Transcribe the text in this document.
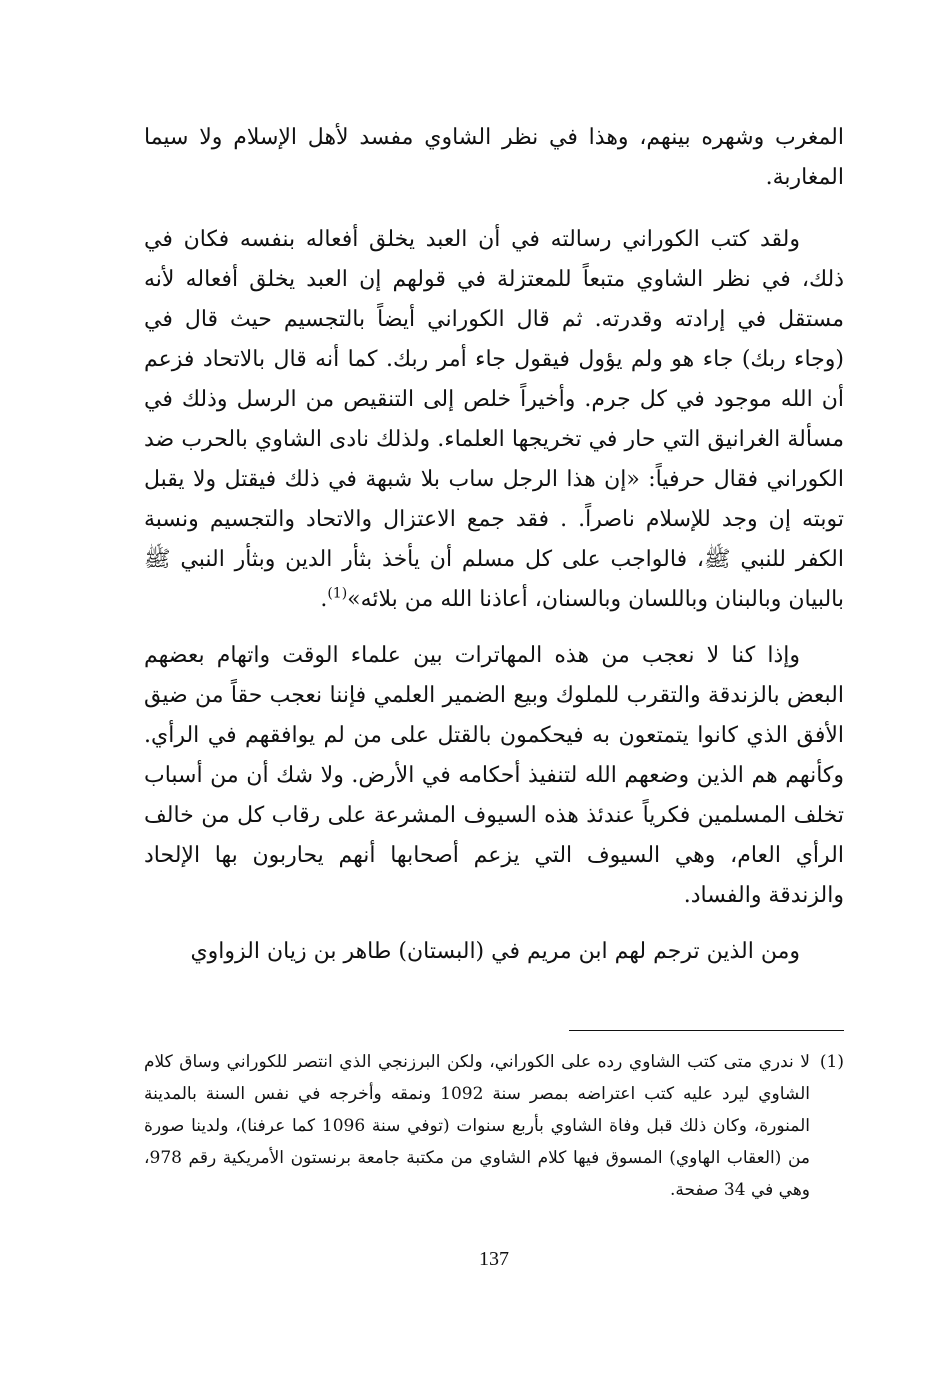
المغرب وشهره بينهم، وهذا في نظر الشاوي مفسد لأهل الإسلام ولا سيما المغاربة.

ولقد كتب الكوراني رسالته في أن العبد يخلق أفعاله بنفسه فكان في ذلك، في نظر الشاوي متبعاً للمعتزلة في قولهم إن العبد يخلق أفعاله لأنه مستقل في إرادته وقدرته. ثم قال الكوراني أيضاً بالتجسيم حيث قال في (وجاء ربك) جاء هو ولم يؤول فيقول جاء أمر ربك. كما أنه قال بالاتحاد فزعم أن الله موجود في كل جرم. وأخيراً خلص إلى التنقيص من الرسل وذلك في مسألة الغرانيق التي حار في تخريجها العلماء. ولذلك نادى الشاوي بالحرب ضد الكوراني فقال حرفياً: «إن هذا الرجل ساب بلا شبهة في ذلك فيقتل ولا يقبل توبته إن وجد للإسلام ناصراً. . فقد جمع الاعتزال والاتحاد والتجسيم ونسبة الكفر للنبي ﷺ، فالواجب على كل مسلم أن يأخذ بثأر الدين وبثأر النبي ﷺ بالبيان وبالبنان وباللسان وبالسنان، أعاذنا الله من بلائه»$^{(1)}$.

وإذا كنا لا نعجب من هذه المهاترات بين علماء الوقت واتهام بعضهم البعض بالزندقة والتقرب للملوك وبيع الضمير العلمي فإننا نعجب حقاً من ضيق الأفق الذي كانوا يتمتعون به فيحكمون بالقتل على من لم يوافقهم في الرأي. وكأنهم هم الذين وضعهم الله لتنفيذ أحكامه في الأرض. ولا شك أن من أسباب تخلف المسلمين فكرياً عندئذ هذه السيوف المشرعة على رقاب كل من خالف الرأي العام، وهي السيوف التي يزعم أصحابها أنهم يحاربون بها الإلحاد والزندقة والفساد.

ومن الذين ترجم لهم ابن مريم في (البستان) طاهر بن زيان الزواوي

(1)
لا ندري متى كتب الشاوي رده على الكوراني، ولكن البرزنجي الذي انتصر للكوراني وساق كلام الشاوي ليرد عليه كتب اعتراضه بمصر سنة 1092 ونمقه وأخرجه في نفس السنة بالمدينة المنورة، وكان ذلك قبل وفاة الشاوي بأربع سنوات (توفي سنة 1096 كما عرفنا)، ولدينا صورة من (العقاب الهاوي) المسوق فيها كلام الشاوي من مكتبة جامعة برنستون الأمريكية رقم 978، وهي في 34 صفحة.
137
